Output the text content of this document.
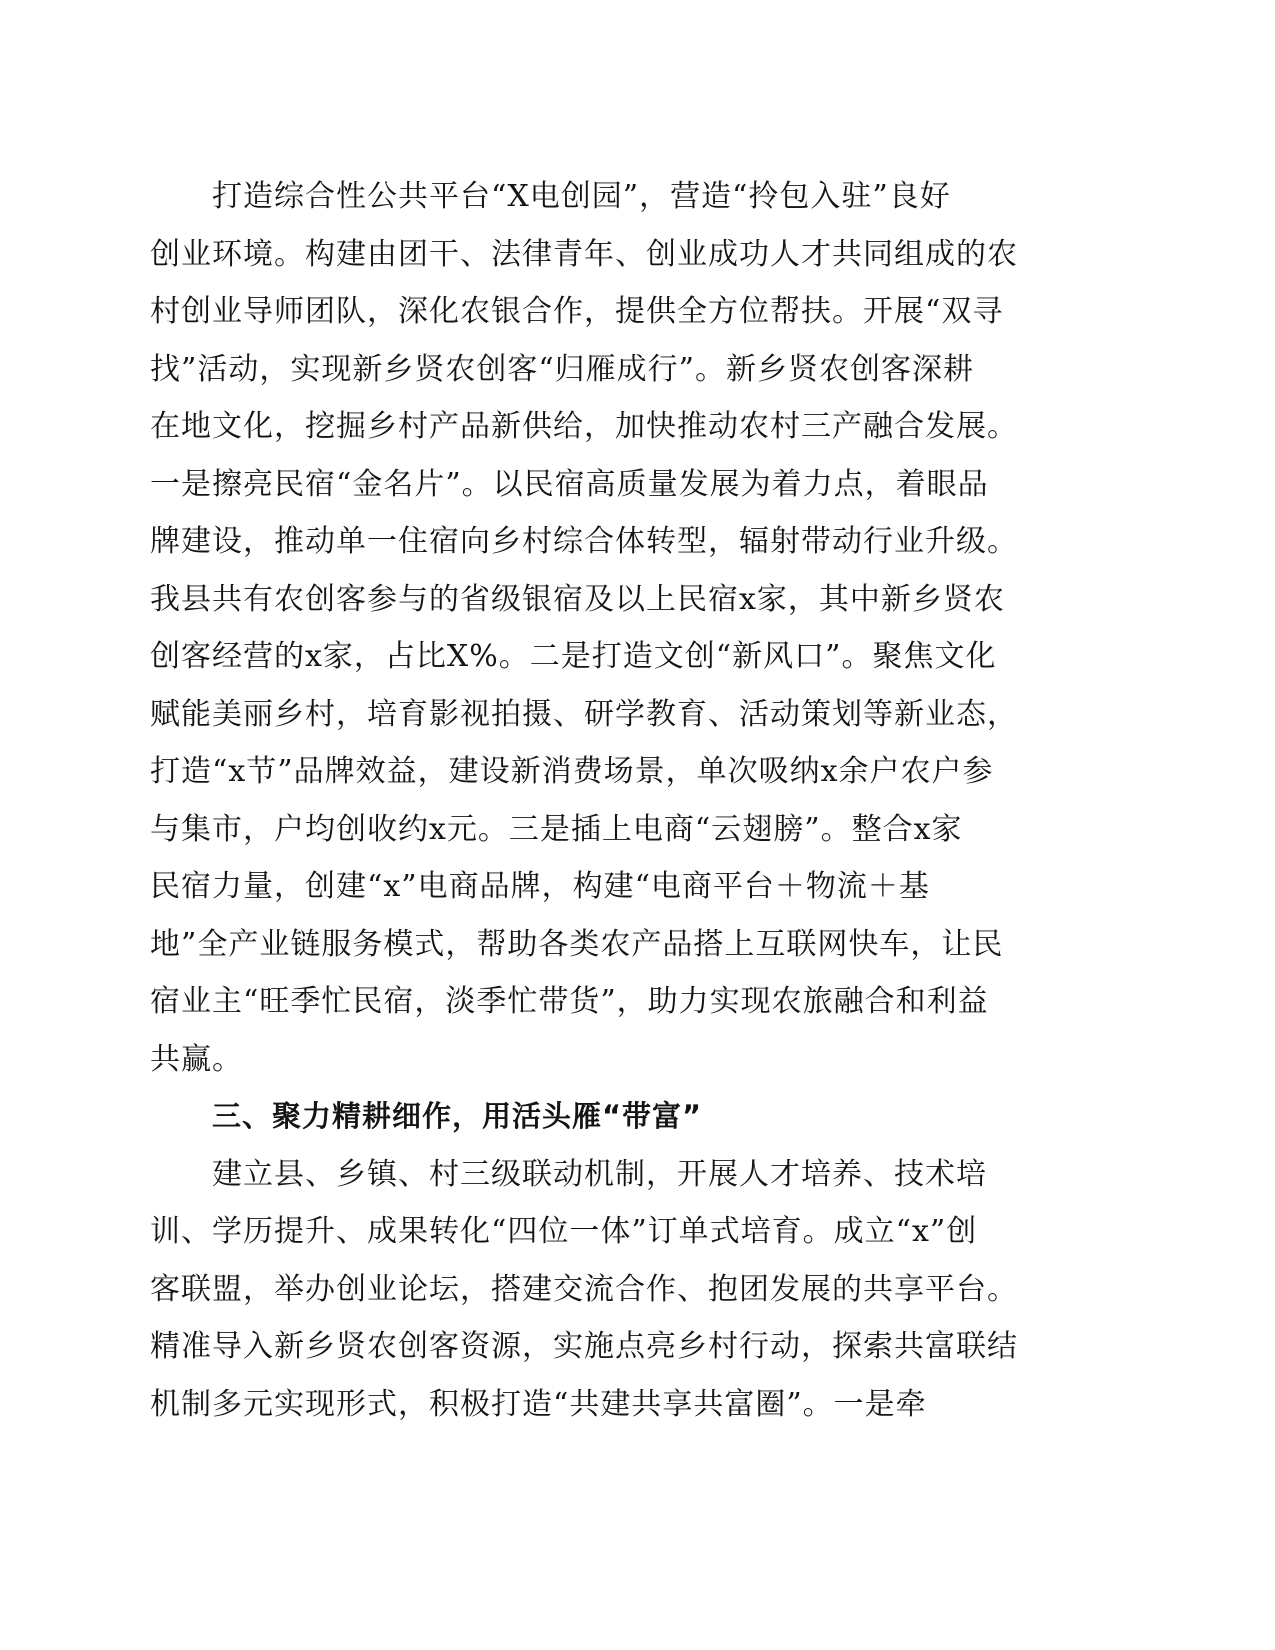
打造综合性公共平台“X电创园”，营造“拎包入驻”良好
创业环境。构建由团干、法律青年、创业成功人才共同组成的农
村创业导师团队，深化农银合作，提供全方位帮扶。开展“双寻
找”活动，实现新乡贤农创客“归雁成行”。新乡贤农创客深耕
在地文化，挖掘乡村产品新供给，加快推动农村三产融合发展。
一是擦亮民宿“金名片”。以民宿高质量发展为着力点，着眼品
牌建设，推动单一住宿向乡村综合体转型，辐射带动行业升级。
我县共有农创客参与的省级银宿及以上民宿x家，其中新乡贤农
创客经营的x家，占比X%。二是打造文创“新风口”。聚焦文化
赋能美丽乡村，培育影视拍摄、研学教育、活动策划等新业态，
打造“x节”品牌效益，建设新消费场景，单次吸纳x余户农户参
与集市，户均创收约x元。三是插上电商“云翅膀”。整合x家
民宿力量，创建“x”电商品牌，构建“电商平台＋物流＋基
地”全产业链服务模式，帮助各类农产品搭上互联网快车，让民
宿业主“旺季忙民宿，淡季忙带货”，助力实现农旅融合和利益
共赢。
三、聚力精耕细作，用活头雁“带富”
建立县、乡镇、村三级联动机制，开展人才培养、技术培
训、学历提升、成果转化“四位一体”订单式培育。成立“x”创
客联盟，举办创业论坛，搭建交流合作、抱团发展的共享平台。
精准导入新乡贤农创客资源，实施点亮乡村行动，探索共富联结
机制多元实现形式，积极打造“共建共享共富圈”。一是牵
